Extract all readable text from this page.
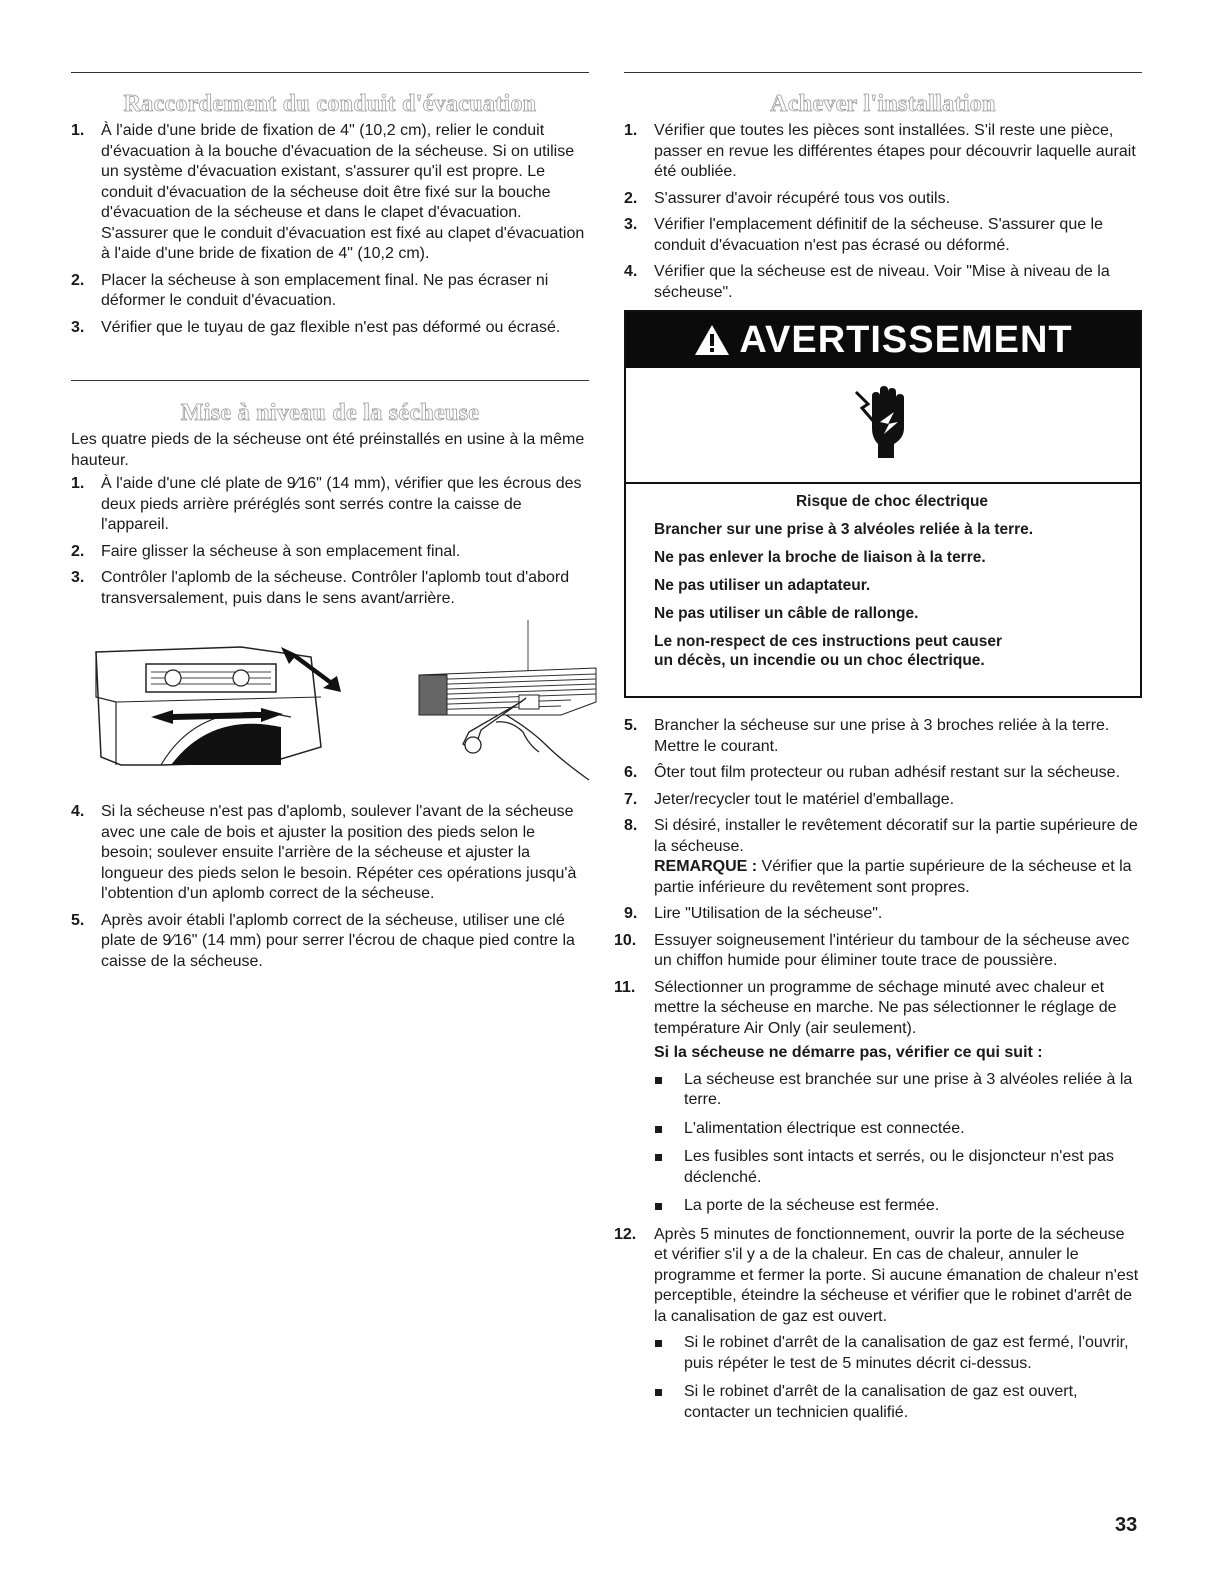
Raccordement du conduit d'évacuation
1. À l'aide d'une bride de fixation de 4" (10,2 cm), relier le conduit d'évacuation à la bouche d'évacuation de la sécheuse. Si on utilise un système d'évacuation existant, s'assurer qu'il est propre. Le conduit d'évacuation de la sécheuse doit être fixé sur la bouche d'évacuation de la sécheuse et dans le clapet d'évacuation. S'assurer que le conduit d'évacuation est fixé au clapet d'évacuation à l'aide d'une bride de fixation de 4" (10,2 cm).
2. Placer la sécheuse à son emplacement final. Ne pas écraser ni déformer le conduit d'évacuation.
3. Vérifier que le tuyau de gaz flexible n'est pas déformé ou écrasé.
Mise à niveau de la sécheuse

Les quatre pieds de la sécheuse ont été préinstallés en usine à la même hauteur.

1. À l'aide d'une clé plate de 9⁄16" (14 mm), vérifier que les écrous des deux pieds arrière préréglés sont serrés contre la caisse de l'appareil.
2. Faire glisser la sécheuse à son emplacement final.
3. Contrôler l'aplomb de la sécheuse. Contrôler l'aplomb tout d'abord transversalement, puis dans le sens avant/arrière.
4. Si la sécheuse n'est pas d'aplomb, soulever l'avant de la sécheuse avec une cale de bois et ajuster la position des pieds selon le besoin; soulever ensuite l'arrière de la sécheuse et ajuster la longueur des pieds selon le besoin. Répéter ces opérations jusqu'à l'obtention d'un aplomb correct de la sécheuse.
5. Après avoir établi l'aplomb correct de la sécheuse, utiliser une clé plate de 9⁄16" (14 mm) pour serrer l'écrou de chaque pied contre la caisse de la sécheuse.
Achever l'installation
1. Vérifier que toutes les pièces sont installées. S'il reste une pièce, passer en revue les différentes étapes pour découvrir laquelle aurait été oubliée.
2. S'assurer d'avoir récupéré tous vos outils.
3. Vérifier l'emplacement définitif de la sécheuse. S'assurer que le conduit d'évacuation n'est pas écrasé ou déformé.
4. Vérifier que la sécheuse est de niveau. Voir "Mise à niveau de la sécheuse".
AVERTISSEMENT

Risque de choc électrique

Brancher sur une prise à 3 alvéoles reliée à la terre.

Ne pas enlever la broche de liaison à la terre.

Ne pas utiliser un adaptateur.

Ne pas utiliser un câble de rallonge.

Le non-respect de ces instructions peut causer

un décès, un incendie ou un choc électrique.

5. Brancher la sécheuse sur une prise à 3 broches reliée à la terre. Mettre le courant.
6. Ôter tout film protecteur ou ruban adhésif restant sur la sécheuse.
7. Jeter/recycler tout le matériel d'emballage.
8. Si désiré, installer le revêtement décoratif sur la partie supérieure de la sécheuse.
REMARQUE : Vérifier que la partie supérieure de la sécheuse et la partie inférieure du revêtement sont propres.
9. Lire "Utilisation de la sécheuse".
10. Essuyer soigneusement l'intérieur du tambour de la sécheuse avec un chiffon humide pour éliminer toute trace de poussière.
11. Sélectionner un programme de séchage minuté avec chaleur et mettre la sécheuse en marche. Ne pas sélectionner le réglage de température Air Only (air seulement).
Si la sécheuse ne démarre pas, vérifier ce qui suit :
La sécheuse est branchée sur une prise à 3 alvéoles reliée à la terre.
L'alimentation électrique est connectée.
Les fusibles sont intacts et serrés, ou le disjoncteur n'est pas déclenché.
La porte de la sécheuse est fermée.
12. Après 5 minutes de fonctionnement, ouvrir la porte de la sécheuse et vérifier s'il y a de la chaleur. En cas de chaleur, annuler le programme et fermer la porte. Si aucune émanation de chaleur n'est perceptible, éteindre la sécheuse et vérifier que le robinet d'arrêt de la canalisation de gaz est ouvert.
Si le robinet d'arrêt de la canalisation de gaz est fermé, l'ouvrir, puis répéter le test de 5 minutes décrit ci-dessus.
Si le robinet d'arrêt de la canalisation de gaz est ouvert, contacter un technicien qualifié.
33
